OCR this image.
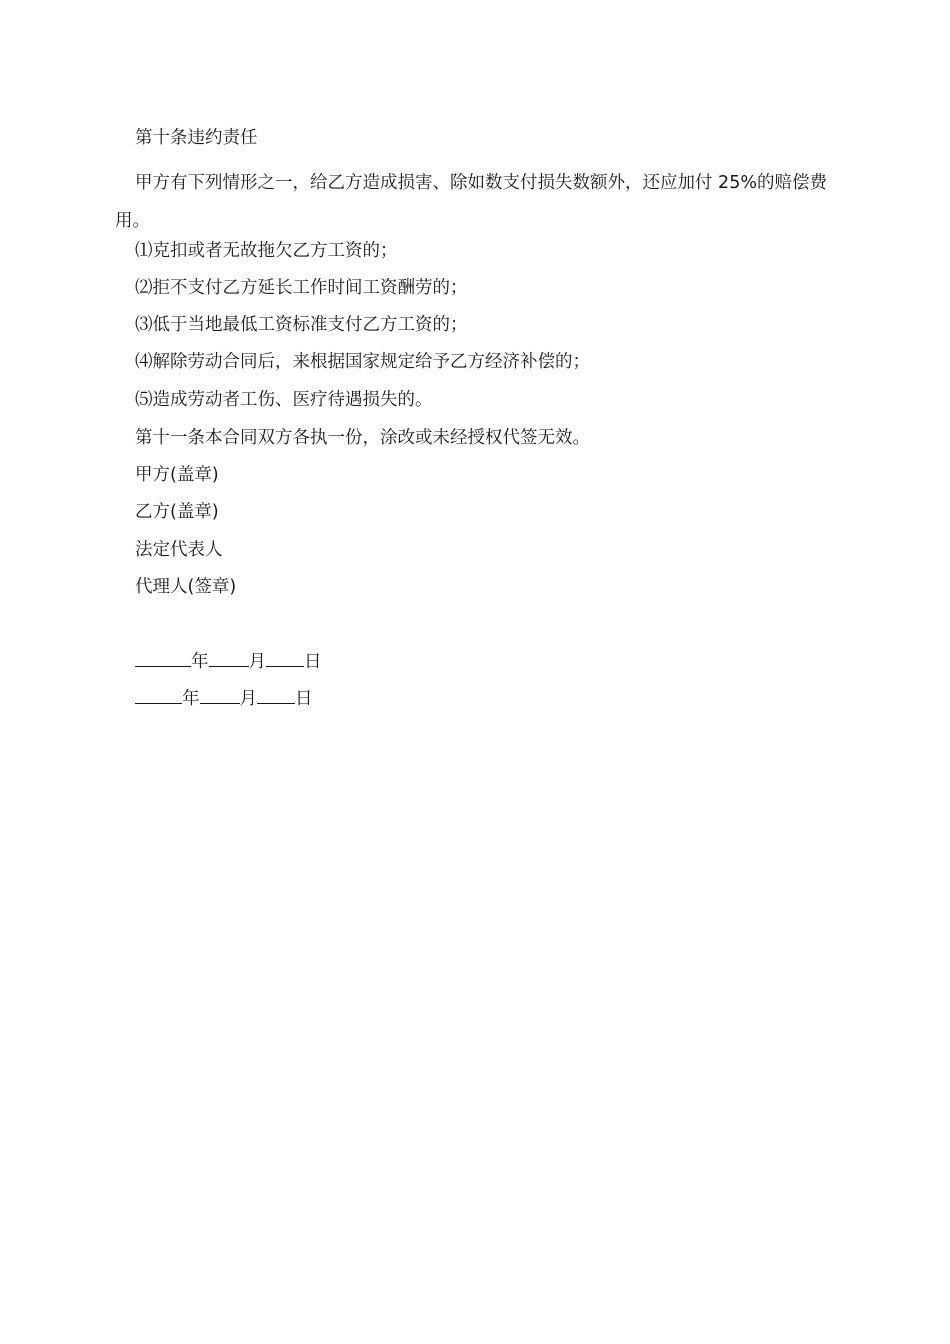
第十条违约责任
甲方有下列情形之一，给乙方造成损害、除如数支付损失数额外，还应加付 25%的赔偿费用。
⑴克扣或者无故拖欠乙方工资的；
⑵拒不支付乙方延长工作时间工资酬劳的；
⑶低于当地最低工资标准支付乙方工资的；
⑷解除劳动合同后，来根据国家规定给予乙方经济补偿的；
⑸造成劳动者工伤、医疗待遇损失的。
第十一条本合同双方各执一份，涂改或未经授权代签无效。
甲方(盖章)
乙方(盖章)
法定代表人
代理人(签章)
年 月 日
年 月 日
